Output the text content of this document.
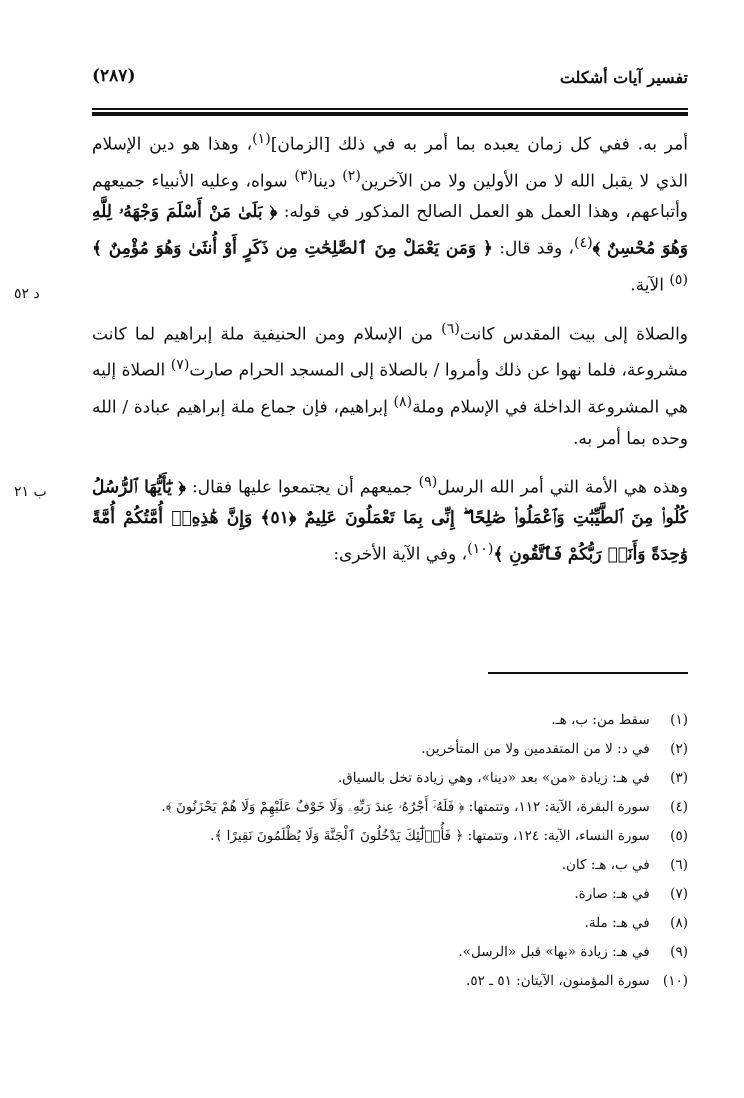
تفسير آيات أشكلت
(٢٨٧)

أمر به. ففي كل زمان يعبده بما أمر به في ذلك [الزمان]$^{(١)}$، وهذا هو دين الإسلام الذي لا يقبل الله لا من الأولين ولا من الآخرين$^{(٢)}$ دينا$^{(٣)}$ سواه، وعليه الأنبياء جميعهم وأتباعهم، وهذا العمل هو العمل الصالح المذكور في قوله: ﴿ بَلَىٰ مَنْ أَسْلَمَ وَجْهَهُۥ لِلَّهِ وَهُوَ مُحْسِنٌ ﴾$^{(٤)}$، وقد قال: ﴿ وَمَن يَعْمَلْ مِنَ ٱلصَّٰلِحَٰتِ مِن ذَكَرٍ أَوْ أُنثَىٰ وَهُوَ مُؤْمِنٌ ﴾$^{(٥)}$ الآية.

والصلاة إلى بيت المقدس كانت$^{(٦)}$ من الإسلام ومن الحنيفية ملة إبراهيم لما كانت مشروعة، فلما نهوا عن ذلك وأمروا / بالصلاة إلى المسجد الحرام صارت$^{(٧)}$ الصلاة إليه هي المشروعة الداخلة في الإسلام وملة$^{(٨)}$ إبراهيم، فإن جماع ملة إبراهيم عبادة / الله وحده بما أمر به.

وهذه هي الأمة التي أمر الله الرسل$^{(٩)}$ جميعهم أن يجتمعوا عليها فقال: ﴿ يَٰٓأَيُّهَا ٱلرُّسُلُ كُلُوا۟ مِنَ ٱلطَّيِّبَٰتِ وَٱعْمَلُوا۟ صَٰلِحًا ۖ إِنِّى بِمَا تَعْمَلُونَ عَلِيمٌ ﴿٥١﴾ وَإِنَّ هَٰذِهِۦٓ أُمَّتُكُمْ أُمَّةً وَٰحِدَةً وَأَنَا۠ رَبُّكُمْ فَٱتَّقُونِ ﴾$^{(١٠)}$، وفي الآية الأخرى:

د ٥٢
ب ٢١
(١) سقط من: ب، هـ.
(٢) في د: لا من المتقدمين ولا من المتأخرين.
(٣) في هـ: زيادة «من» بعد «دينا»، وهي زيادة تخل بالسياق.
(٤) سورة البقرة، الآية: ١١٢، وتتمتها: ﴿ فَلَهُۥٓ أَجْرُهُۥ عِندَ رَبِّهِۦ وَلَا خَوْفٌ عَلَيْهِمْ وَلَا هُمْ يَحْزَنُونَ ﴾.
(٥) سورة النساء، الآية: ١٢٤، وتتمتها: ﴿ فَأُو۟لَٰٓئِكَ يَدْخُلُونَ ٱلْجَنَّةَ وَلَا يُظْلَمُونَ نَقِيرًا ﴾.
(٦) في ب، هـ: كان.
(٧) في هـ: صارة.
(٨) في هـ: ملة.
(٩) في هـ: زيادة «بها» قبل «الرسل».
(١٠) سورة المؤمنون، الآيتان: ٥١ ـ ٥٢.
